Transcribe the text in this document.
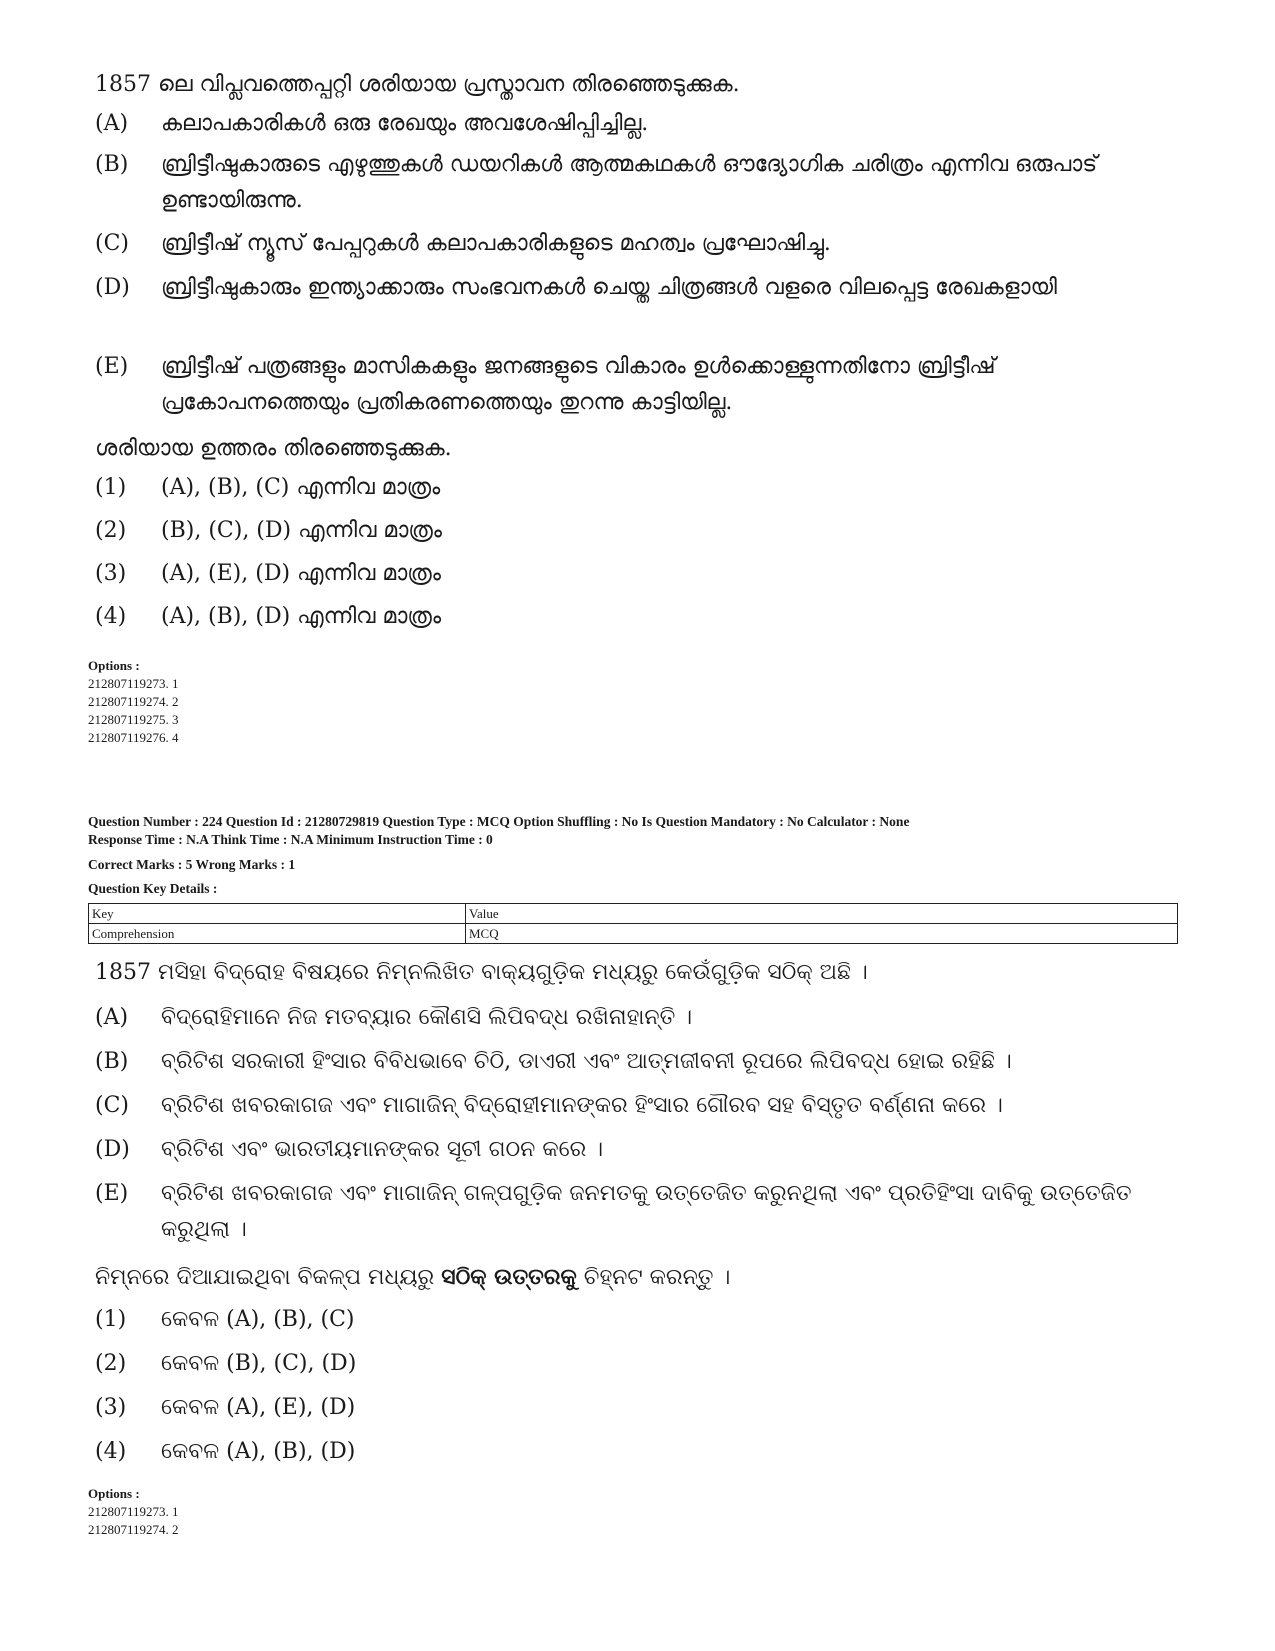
1857 ലെ വിപ്ലവത്തെപ്പറ്റി ശരിയായ പ്രസ്താവന തിരഞ്ഞെടുക്കുക.
(A)	കലാപകാരികൾ ഒരു രേഖയും അവശേഷിപ്പിച്ചില്ല.
(B)	ബ്രിട്ടീഷുകാരുടെ എഴുത്തുകൾ ഡയറികൾ ആത്മകഥകൾ ഔദ്യോഗിക ചരിത്രം എന്നിവ ഒരുപാട് ഉണ്ടായിരുന്നു.
(C)	ബ്രിട്ടീഷ് ന്യൂസ് പേപ്പറുകൾ കലാപകാരികളുടെ മഹത്വം പ്രഘോഷിച്ചു.
(D)	ബ്രിട്ടീഷുകാരും ഇന്ത്യാക്കാരും സംഭവനകൾ ചെയ്ത ചിത്രങ്ങൾ വളരെ വിലപ്പെട്ട രേഖകളായി
(E)	ബ്രിട്ടീഷ് പത്രങ്ങളും മാസികകളും ജനങ്ങളുടെ വികാരം ഉൾക്കൊള്ളുന്നതിനോ ബ്രിട്ടീഷ് പ്രകോപനത്തെയും പ്രതികരണത്തെയും തുറന്നു കാട്ടിയില്ല.
ശരിയായ ഉത്തരം തിരഞ്ഞെടുക്കുക.
(1)	(A), (B), (C) എന്നിവ മാത്രം
(2)	(B), (C), (D) എന്നിവ മാത്രം
(3)	(A), (E), (D) എന്നിവ മാത്രം
(4)	(A), (B), (D) എന്നിവ മാത്രം
Options :
212807119273. 1
212807119274. 2
212807119275. 3
212807119276. 4
Question Number : 224 Question Id : 21280729819 Question Type : MCQ Option Shuffling : No Is Question Mandatory : No Calculator : None
Response Time : N.A Think Time : N.A Minimum Instruction Time : 0
Correct Marks : 5 Wrong Marks : 1
Question Key Details :
Key	Value
Comprehension	MCQ
1857 ମସିହା ବିଦ୍ରୋହ ବିଷୟରେ ନିମ୍ନଲିଖିତ ବାକ୍ୟଗୁଡ଼ିକ ମଧ୍ୟରୁ କେଉଁଗୁଡ଼ିକ ସଠିକ୍ ଅଛି ।
(A)	ବିଦ୍ରୋହିମାନେ ନିଜ ମତବ୍ୟାର କୌଣସି ଲିପିବଦ୍ଧ ରଖିନାହାନ୍ତି ।
(B)	ବ୍ରିଟିଶ ସରକାରୀ ହିଂସାର ବିବିଧଭାବେ ଚିଠି, ଡାଏରୀ ଏବଂ ଆତ୍ମଜୀବନୀ ରୂପରେ ଲିପିବଦ୍ଧ ହୋଇ ରହିଛି ।
(C)	ବ୍ରିଟିଶ ଖବରକାଗଜ ଏବଂ ମାଗାଜିନ୍ ବିଦ୍ରୋହୀମାନଙ୍କର ହିଂସାର ଗୌରବ ସହ ବିସ୍ତୃତ ବର୍ଣ୍ଣନା କରେ ।
(D)	ବ୍ରିଟିଶ ଏବଂ ଭାରତୀୟମାନଙ୍କର ସୂଚୀ ଗଠନ କରେ ।
(E)	ବ୍ରିଟିଶ ଖବରକାଗଜ ଏବଂ ମାଗାଜିନ୍ ଗଳ୍ପଗୁଡ଼ିକ ଜନମତକୁ ଉତ୍ତେଜିତ କରୁନଥିଲା ଏବଂ ପ୍ରତିହିଂସା ଦାବିକୁ ଉତ୍ତେଜିତ କରୁଥିଲା ।
ନିମ୍ନରେ ଦିଆଯାଇଥିବା ବିକଳ୍ପ ମଧ୍ୟରୁ ସଠିକ୍ ଉତ୍ତରକୁ ଚିହ୍ନଟ କରନ୍ତୁ ।
(1)	କେବଳ (A), (B), (C)
(2)	କେବଳ (B), (C), (D)
(3)	କେବଳ (A), (E), (D)
(4)	କେବଳ (A), (B), (D)
Options :
212807119273. 1
212807119274. 2
